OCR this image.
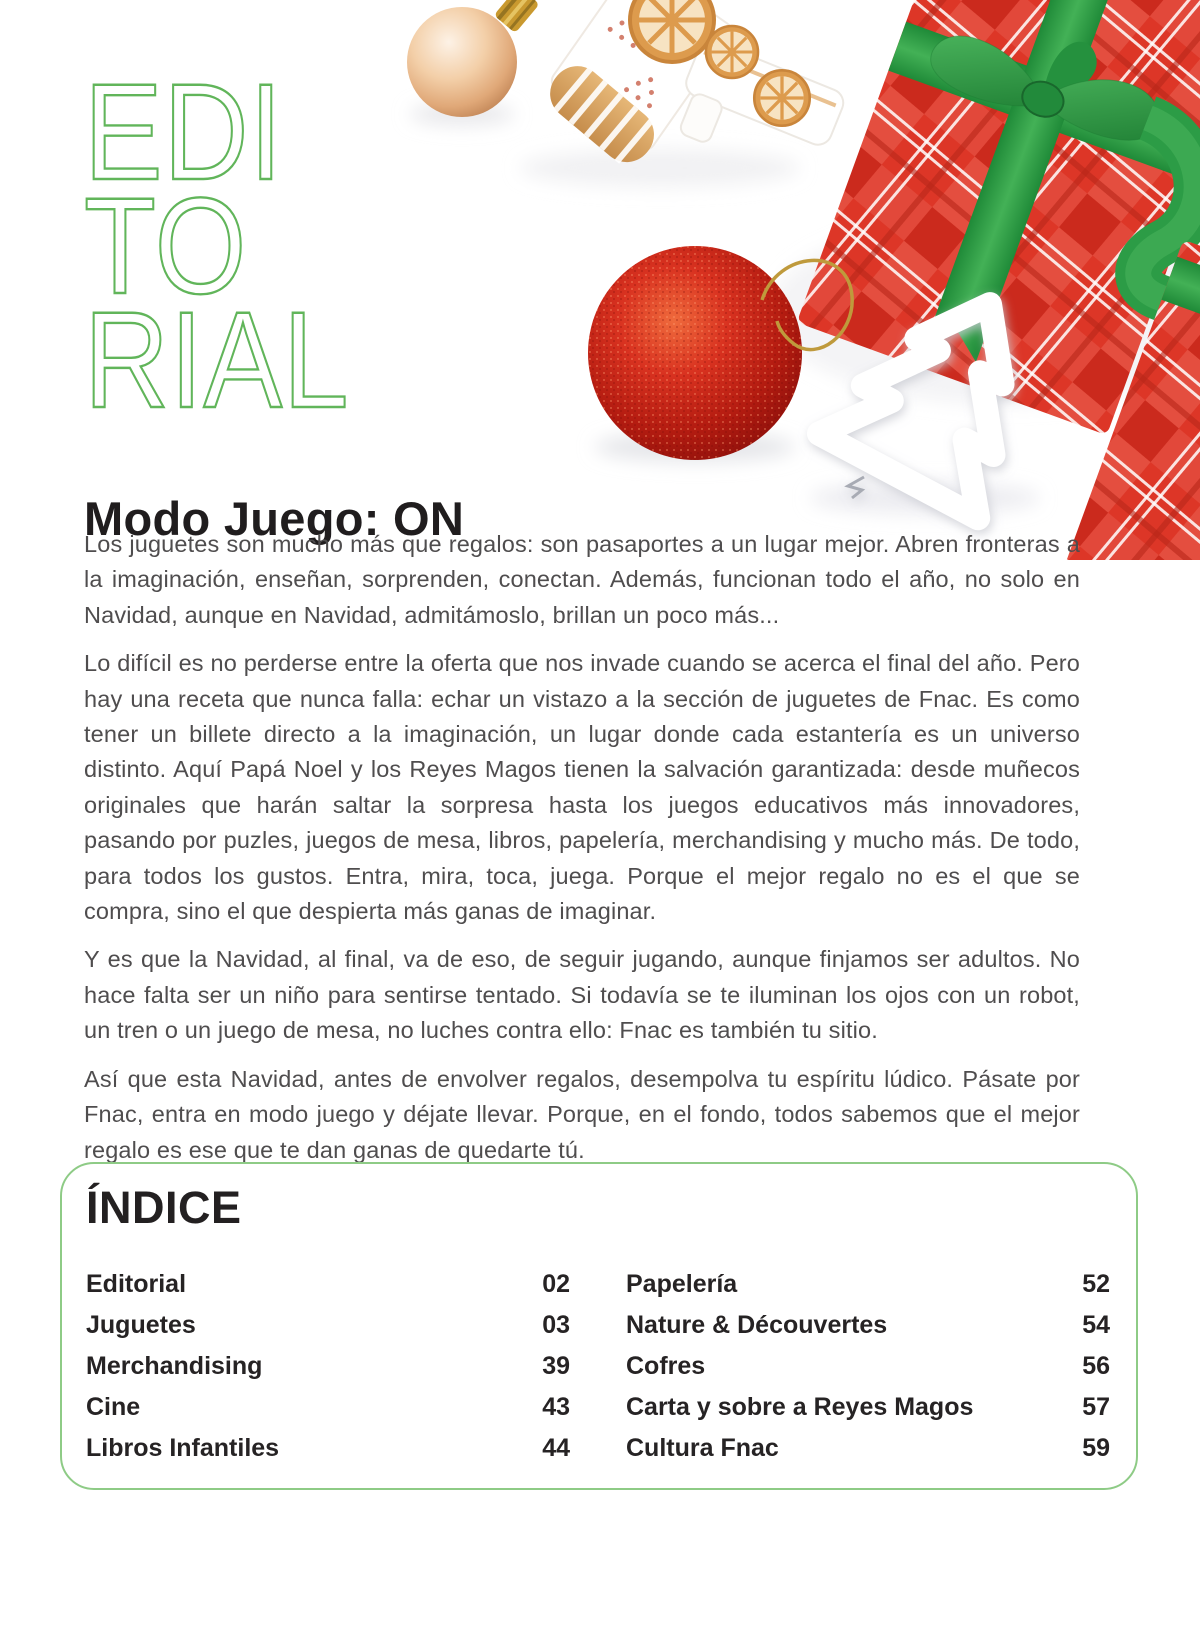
EDI
TO
RIAL
Modo Juego: ON

Los juguetes son mucho más que regalos: son pasaportes a un lugar mejor. Abren fronteras a la imaginación, enseñan, sorprenden, conectan. Además, funcionan todo el año, no solo en Navidad, aunque en Navidad, admitámoslo, brillan un poco más...

Lo difícil es no perderse entre la oferta que nos invade cuando se acerca el final del año. Pero hay una receta que nunca falla: echar un vistazo a la sección de juguetes de Fnac. Es como tener un billete directo a la imaginación, un lugar donde cada estantería es un universo distinto. Aquí Papá Noel y los Reyes Magos tienen la salvación garantizada: desde muñecos originales que harán saltar la sorpresa hasta los juegos educativos más innovadores, pasando por puzles, juegos de mesa, libros, papelería, merchandising y mucho más. De todo, para todos los gustos. Entra, mira, toca, juega. Porque el mejor regalo no es el que se compra, sino el que despierta más ganas de imaginar.

Y es que la Navidad, al final, va de eso, de seguir jugando, aunque finjamos ser adultos. No hace falta ser un niño para sentirse tentado. Si todavía se te iluminan los ojos con un robot, un tren o un juego de mesa, no luches contra ello: Fnac es también tu sitio.

Así que esta Navidad, antes de envolver regalos, desempolva tu espíritu lúdico. Pásate por Fnac, entra en modo juego y déjate llevar. Porque, en el fondo, todos sabemos que el mejor regalo es ese que te dan ganas de quedarte tú.

ÍNDICE
Editorial	02
Juguetes	03
Merchandising	39
Cine	43
Libros Infantiles	44
Papelería	52
Nature & Découvertes	54
Cofres	56
Carta y sobre a Reyes Magos	57
Cultura Fnac	59
